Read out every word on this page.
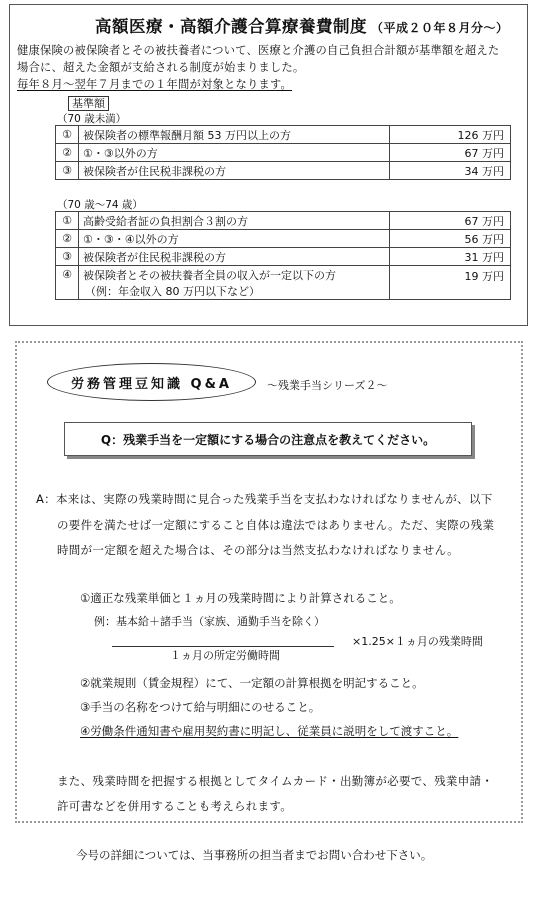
高額医療・高額介護合算療養費制度 （平成２０年８月分～）
健康保険の被保険者とその被扶養者について、医療と介護の自己負担合計額が基準額を超えた
場合に、超えた金額が支給される制度が始まりました。
毎年８月～翌年７月までの１年間が対象となります。
基準額
（70 歳未満）
①	被保険者の標準報酬月額 53 万円以上の方	126 万円
②	①・③以外の方	67 万円
③	被保険者が住民税非課税の方	34 万円
（70 歳～74 歳）
①	高齢受給者証の負担割合３割の方	67 万円
②	①・③・④以外の方	56 万円
③	被保険者が住民税非課税の方	31 万円
④	被保険者とその被扶養者全員の収入が一定以下の方
（例：年金収入 80 万円以下など）	19 万円
労務管理豆知識 Q&A	～残業手当シリーズ２～
Q：残業手当を一定額にする場合の注意点を教えてください。
A：本来は、実際の残業時間に見合った残業手当を支払わなければなりませんが、以下
の要件を満たせば一定額にすること自体は違法ではありません。ただ、実際の残業
時間が一定額を超えた場合は、その部分は当然支払わなければなりません。
①適正な残業単価と１ヵ月の残業時間により計算されること。
例：基本給＋諸手当（家族、通勤手当を除く）
１ヵ月の所定労働時間
×1.25×１ヵ月の残業時間
②就業規則（賃金規程）にて、一定額の計算根拠を明記すること。
③手当の名称をつけて給与明細にのせること。
④労働条件通知書や雇用契約書に明記し、従業員に説明をして渡すこと。
また、残業時間を把握する根拠としてタイムカード・出勤簿が必要で、残業申請・
許可書などを併用することも考えられます。
今号の詳細については、当事務所の担当者までお問い合わせ下さい。
